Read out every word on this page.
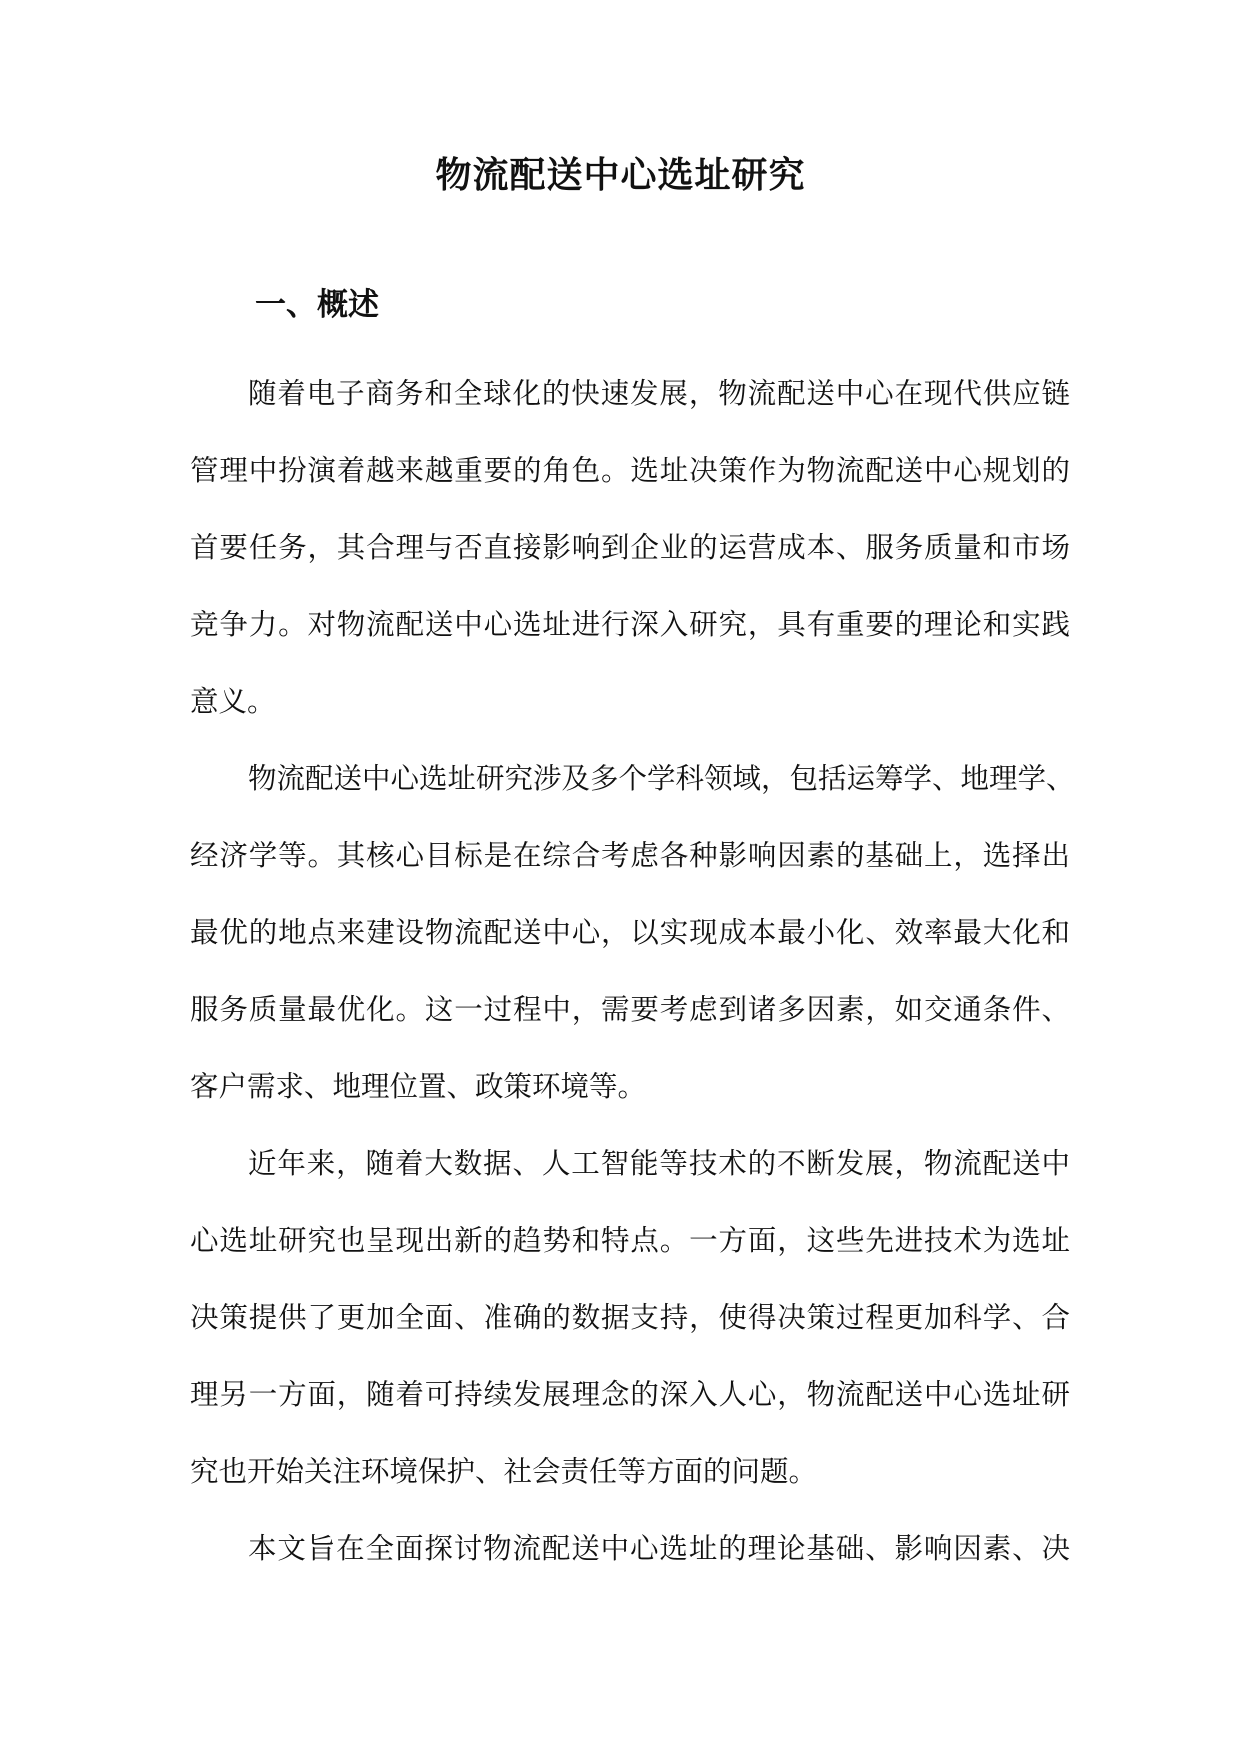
物流配送中心选址研究
一、概述
随着电子商务和全球化的快速发展，物流配送中心在现代供应链
管理中扮演着越来越重要的角色。选址决策作为物流配送中心规划的
首要任务，其合理与否直接影响到企业的运营成本、服务质量和市场
竞争力。对物流配送中心选址进行深入研究，具有重要的理论和实践
意义。
物流配送中心选址研究涉及多个学科领域，包括运筹学、地理学、
经济学等。其核心目标是在综合考虑各种影响因素的基础上，选择出
最优的地点来建设物流配送中心，以实现成本最小化、效率最大化和
服务质量最优化。这一过程中，需要考虑到诸多因素，如交通条件、
客户需求、地理位置、政策环境等。
近年来，随着大数据、人工智能等技术的不断发展，物流配送中
心选址研究也呈现出新的趋势和特点。一方面，这些先进技术为选址
决策提供了更加全面、准确的数据支持，使得决策过程更加科学、合
理另一方面，随着可持续发展理念的深入人心，物流配送中心选址研
究也开始关注环境保护、社会责任等方面的问题。
本文旨在全面探讨物流配送中心选址的理论基础、影响因素、决
